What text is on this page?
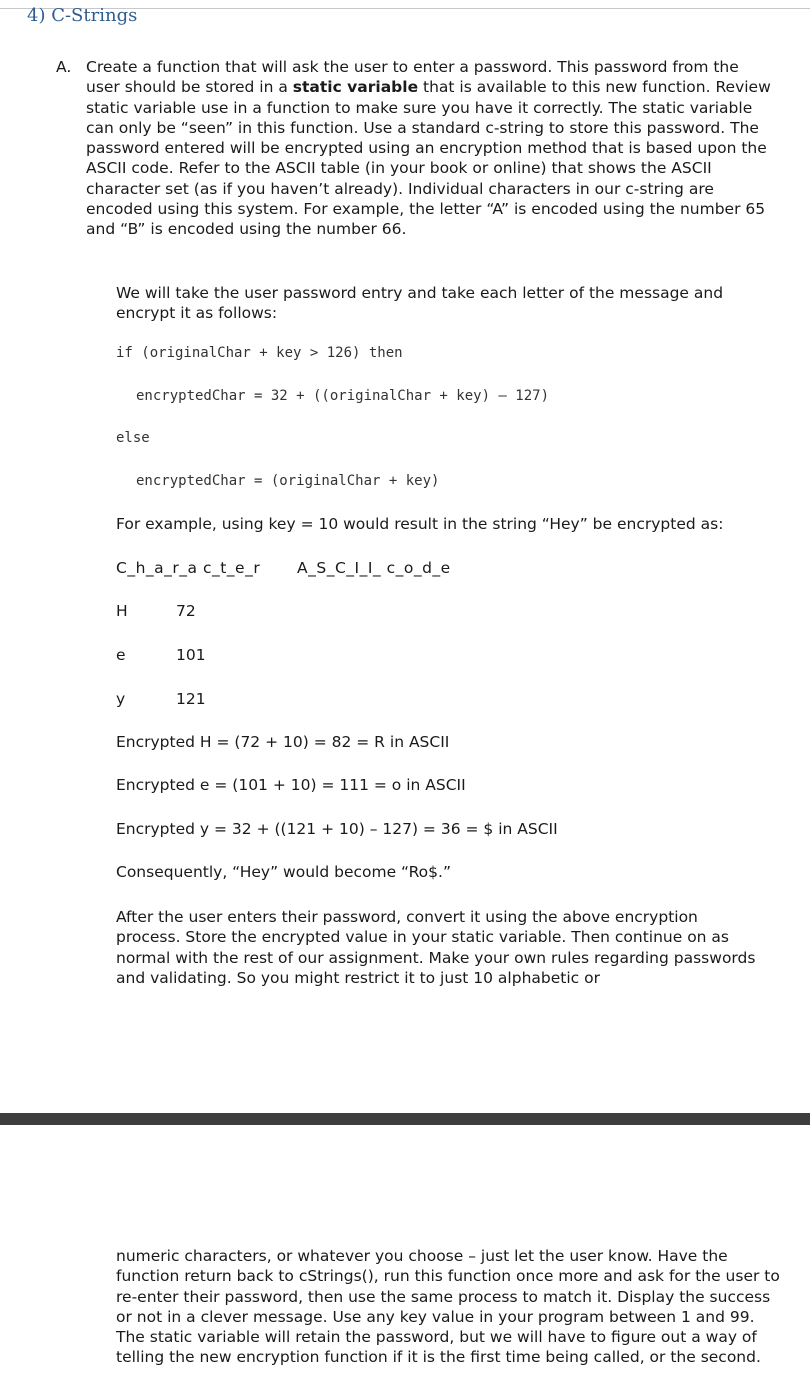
4) C-Strings
A. Create a function that will ask the user to enter a password. This password from the user should be stored in a static variable that is available to this new function. Review static variable use in a function to make sure you have it correctly. The static variable can only be “seen” in this function. Use a standard c-string to store this password. The password entered will be encrypted using an encryption method that is based upon the ASCII code. Refer to the ASCII table (in your book or online) that shows the ASCII character set (as if you haven’t already). Individual characters in our c-string are encoded using this system. For example, the letter “A” is encoded using the number 65 and “B” is encoded using the number 66.

We will take the user password entry and take each letter of the message and encrypt it as follows:

if (originalChar + key > 126) then
encryptedChar = 32 + ((originalChar + key) – 127)
else
encryptedChar = (originalChar + key)

For example, using key = 10 would result in the string “Hey” be encrypted as:

C_h_a_r_a c_t_e_r A_S_C_I_I_ c_o_d_e

H	72

e	101

y	121

Encrypted H = (72 + 10) = 82 = R in ASCII

Encrypted e = (101 + 10) = 111 = o in ASCII

Encrypted y = 32 + ((121 + 10) – 127) = 36 = $ in ASCII

Consequently, “Hey” would become “Ro$.”

After the user enters their password, convert it using the above encryption process. Store the encrypted value in your static variable. Then continue on as normal with the rest of our assignment. Make your own rules regarding passwords and validating. So you might restrict it to just 10 alphabetic or

numeric characters, or whatever you choose – just let the user know. Have the function return back to cStrings(), run this function once more and ask for the user to re-enter their password, then use the same process to match it. Display the success or not in a clever message. Use any key value in your program between 1 and 99. The static variable will retain the password, but we will have to figure out a way of telling the new encryption function if it is the first time being called, or the second.
